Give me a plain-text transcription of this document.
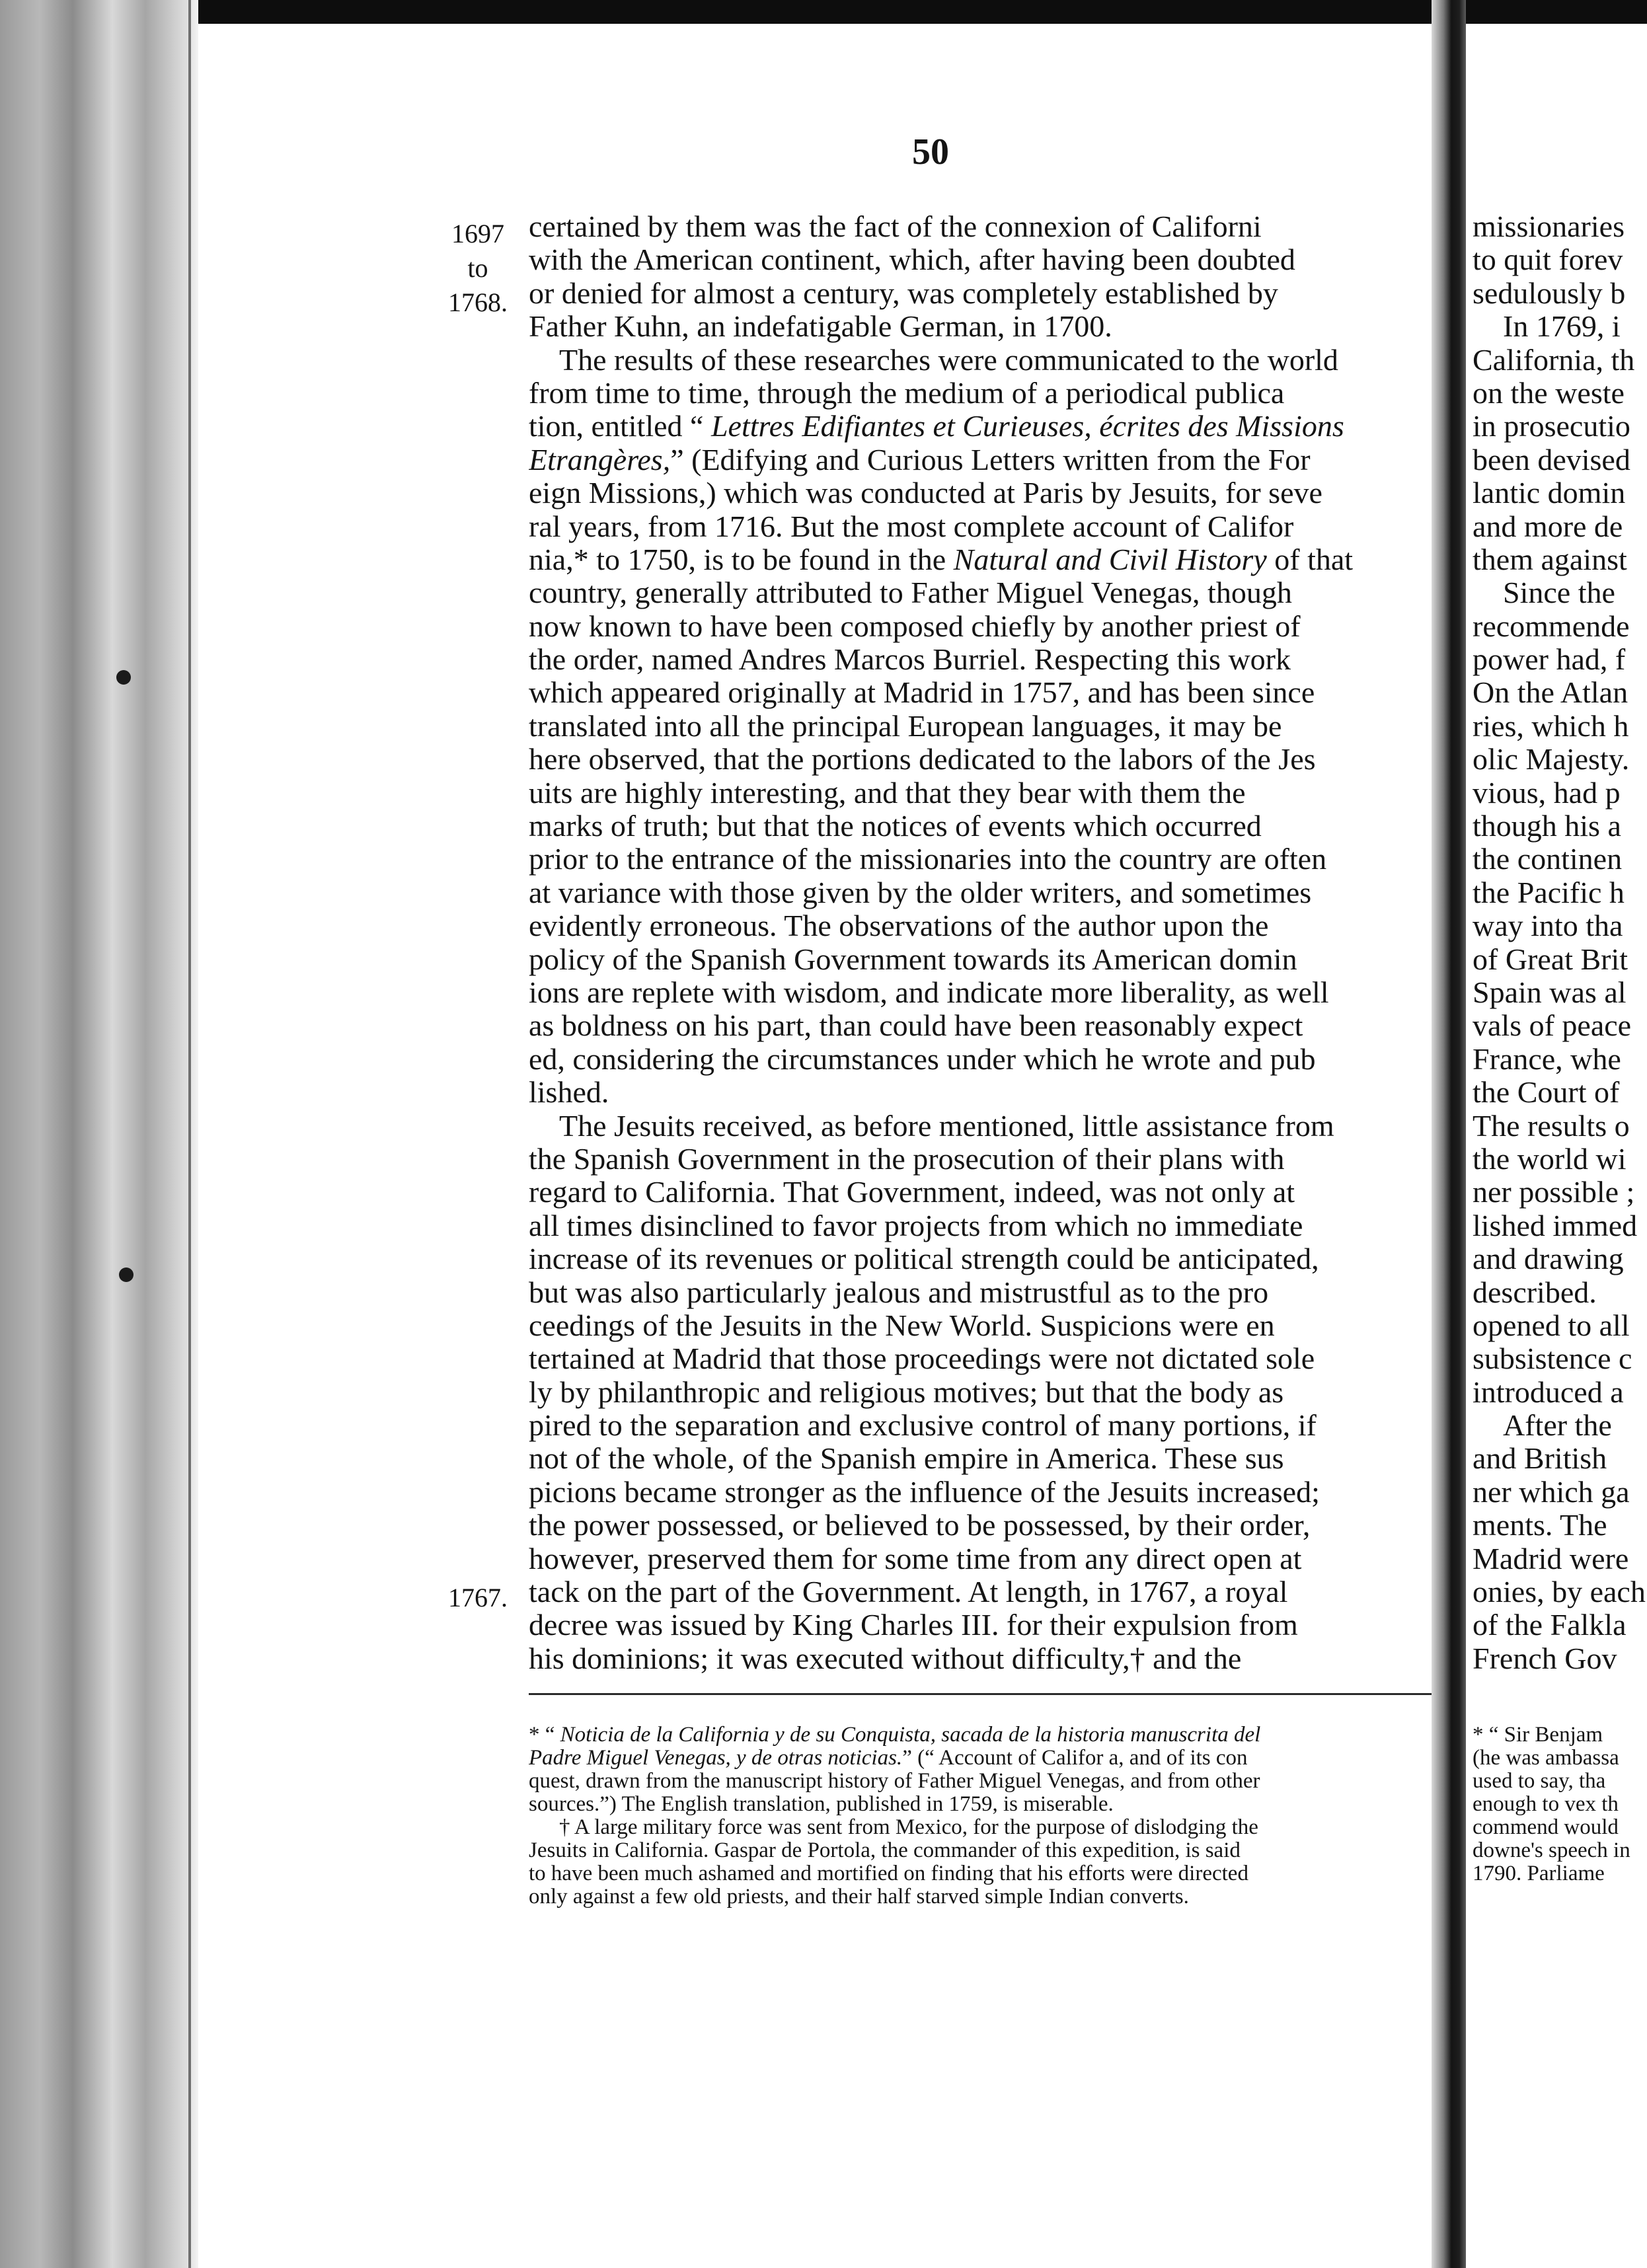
50
1697
to
1768.
1767.
certained by them was the fact of the connexion of Californi
with the American continent, which, after having been doubted
or denied for almost a century, was completely established by
Father Kuhn, an indefatigable German, in 1700.
The results of these researches were communicated to the world
from time to time, through the medium of a periodical publica
tion, entitled “ Lettres Edifiantes et Curieuses, écrites des Missions
Etrangères,” (Edifying and Curious Letters written from the For
eign Missions,) which was conducted at Paris by Jesuits, for seve
ral years, from 1716. But the most complete account of Califor
nia,* to 1750, is to be found in the Natural and Civil History of that
country, generally attributed to Father Miguel Venegas, though
now known to have been composed chiefly by another priest of
the order, named Andres Marcos Burriel. Respecting this work
which appeared originally at Madrid in 1757, and has been since
translated into all the principal European languages, it may be
here observed, that the portions dedicated to the labors of the Jes
uits are highly interesting, and that they bear with them the
marks of truth; but that the notices of events which occurred
prior to the entrance of the missionaries into the country are often
at variance with those given by the older writers, and sometimes
evidently erroneous. The observations of the author upon the
policy of the Spanish Government towards its American domin
ions are replete with wisdom, and indicate more liberality, as well
as boldness on his part, than could have been reasonably expect
ed, considering the circumstances under which he wrote and pub
lished.
The Jesuits received, as before mentioned, little assistance from
the Spanish Government in the prosecution of their plans with
regard to California. That Government, indeed, was not only at
all times disinclined to favor projects from which no immediate
increase of its revenues or political strength could be anticipated,
but was also particularly jealous and mistrustful as to the pro
ceedings of the Jesuits in the New World. Suspicions were en
tertained at Madrid that those proceedings were not dictated sole
ly by philanthropic and religious motives; but that the body as
pired to the separation and exclusive control of many portions, if
not of the whole, of the Spanish empire in America. These sus
picions became stronger as the influence of the Jesuits increased;
the power possessed, or believed to be possessed, by their order,
however, preserved them for some time from any direct open at
tack on the part of the Government. At length, in 1767, a royal
decree was issued by King Charles III. for their expulsion from
his dominions; it was executed without difficulty,† and the
* “ Noticia de la California y de su Conquista, sacada de la historia manuscrita del
Padre Miguel Venegas, y de otras noticias.” (“ Account of Califor a, and of its con
quest, drawn from the manuscript history of Father Miguel Venegas, and from other
sources.”) The English translation, published in 1759, is miserable.
† A large military force was sent from Mexico, for the purpose of dislodging the
Jesuits in California. Gaspar de Portola, the commander of this expedition, is said
to have been much ashamed and mortified on finding that his efforts were directed
only against a few old priests, and their half starved simple Indian converts.
missionaries
to quit forev
sedulously b
In 1769, i
California, th
on the weste
in prosecutio
been devised
lantic domin
and more de
them against
Since the
recommende
power had, f
On the Atlan
ries, which h
olic Majesty.
vious, had p
though his a
the continen
the Pacific h
way into tha
of Great Brit
Spain was al
vals of peace
France, whe
the Court of
The results o
the world wi
ner possible ;
lished immed
and drawing
described.
opened to all
subsistence c
introduced a
After the
and British
ner which ga
ments. The
Madrid were
onies, by each
of the Falkla
French Gov
* “ Sir Benjam
(he was ambassa
used to say, tha
enough to vex th
commend would
downe's speech in
1790. Parliame
